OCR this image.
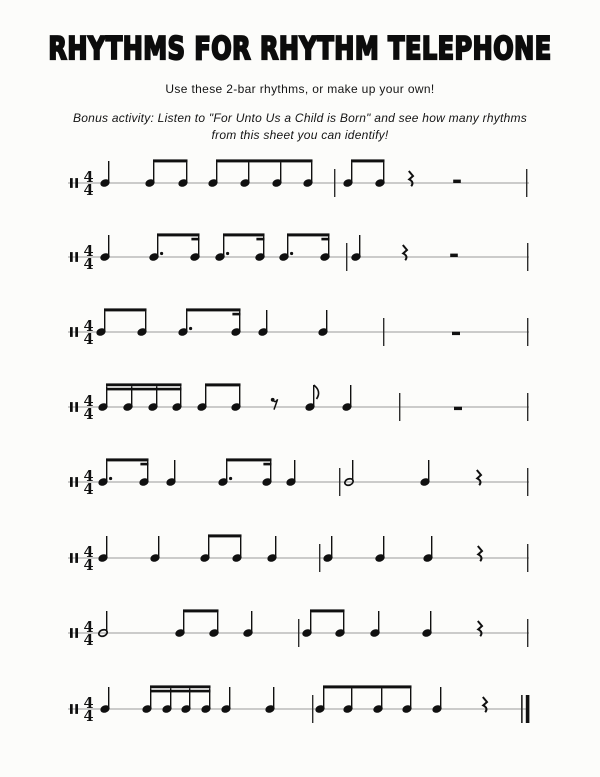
RHYTHMS FOR RHYTHM TELEPHONE

Use these 2-bar rhythms, or make up your own!

Bonus activity: Listen to "For Unto Us a Child is Born" and see how many rhythms
from this sheet you can identify!

4
4
4
4
4
4
4
4
4
4
4
4
4
4
4
4
